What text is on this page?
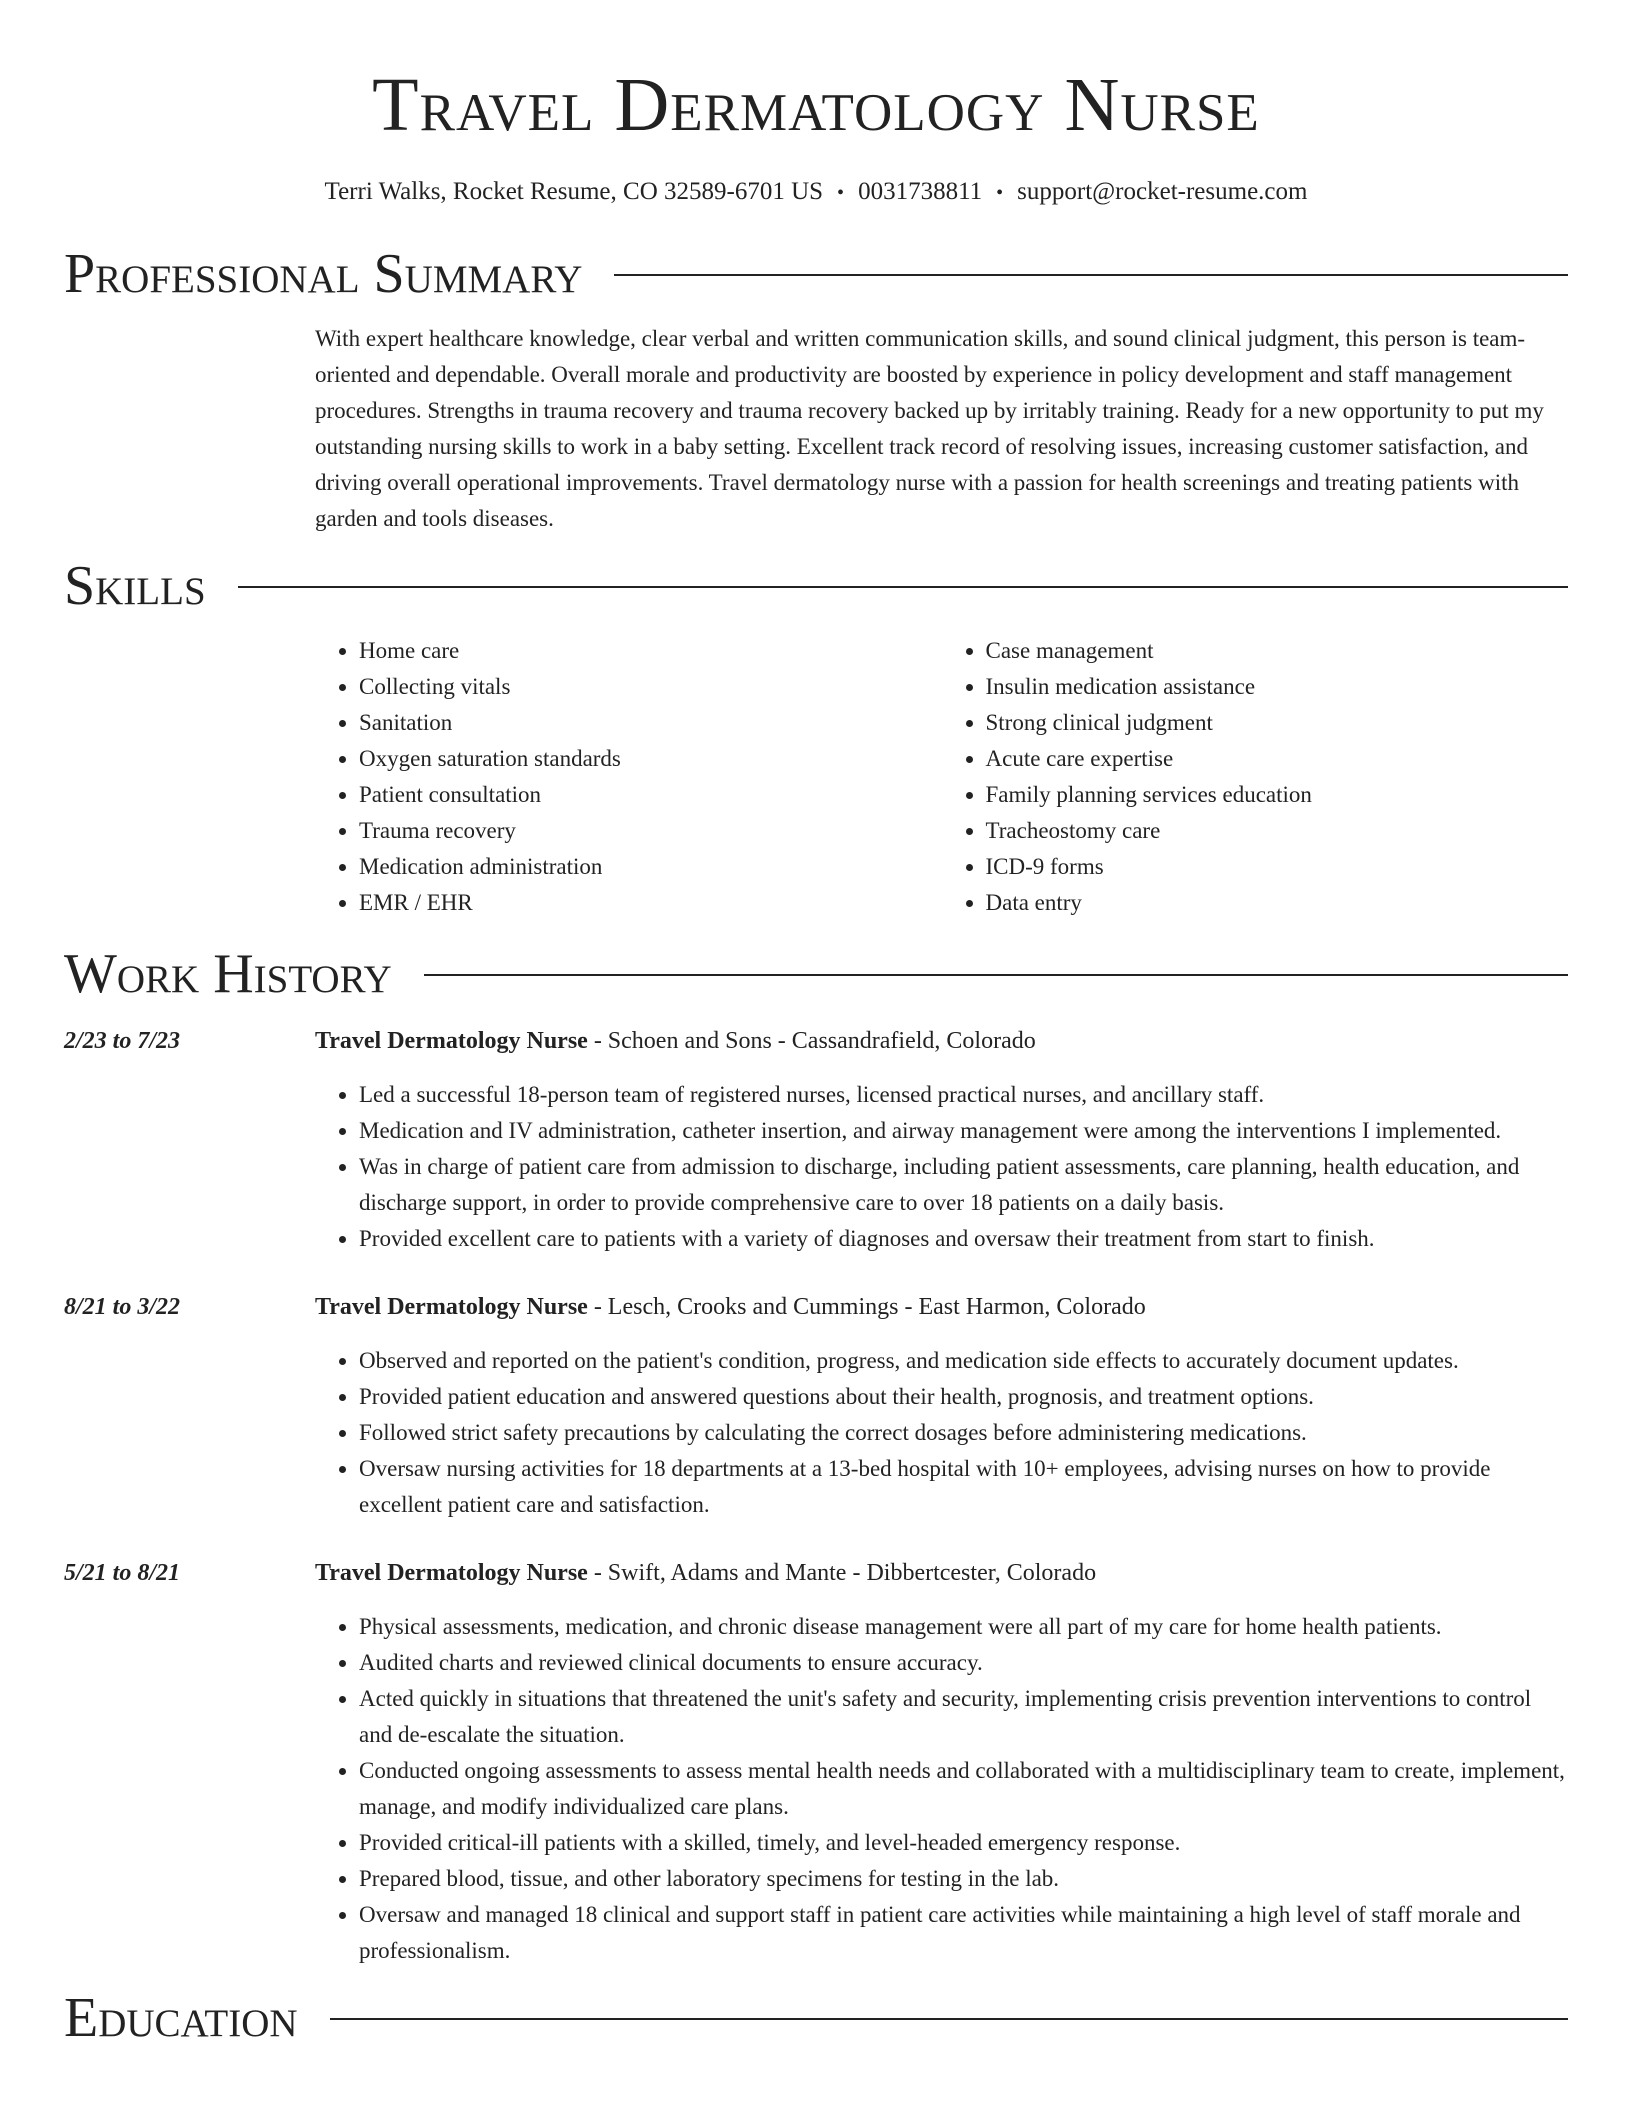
Travel Dermatology Nurse
Terri Walks, Rocket Resume, CO 32589-6701 US • 0031738811 • support@rocket-resume.com
Professional Summary

With expert healthcare knowledge, clear verbal and written communication skills, and sound clinical judgment, this person is team-oriented and dependable. Overall morale and productivity are boosted by experience in policy development and staff management procedures. Strengths in trauma recovery and trauma recovery backed up by irritably training. Ready for a new opportunity to put my outstanding nursing skills to work in a baby setting. Excellent track record of resolving issues, increasing customer satisfaction, and driving overall operational improvements. Travel dermatology nurse with a passion for health screenings and treating patients with garden and tools diseases.

Skills
• Home care
• Collecting vitals
• Sanitation
• Oxygen saturation standards
• Patient consultation
• Trauma recovery
• Medication administration
• EMR / EHR
• Case management
• Insulin medication assistance
• Strong clinical judgment
• Acute care expertise
• Family planning services education
• Tracheostomy care
• ICD-9 forms
• Data entry
Work History
2/23 to 7/23	Travel Dermatology Nurse - Schoen and Sons - Cassandrafield, Colorado
• Led a successful 18-person team of registered nurses, licensed practical nurses, and ancillary staff.
• Medication and IV administration, catheter insertion, and airway management were among the interventions I implemented.
• Was in charge of patient care from admission to discharge, including patient assessments, care planning, health education, and discharge support, in order to provide comprehensive care to over 18 patients on a daily basis.
• Provided excellent care to patients with a variety of diagnoses and oversaw their treatment from start to finish.
8/21 to 3/22	Travel Dermatology Nurse - Lesch, Crooks and Cummings - East Harmon, Colorado
• Observed and reported on the patient's condition, progress, and medication side effects to accurately document updates.
• Provided patient education and answered questions about their health, prognosis, and treatment options.
• Followed strict safety precautions by calculating the correct dosages before administering medications.
• Oversaw nursing activities for 18 departments at a 13-bed hospital with 10+ employees, advising nurses on how to provide excellent patient care and satisfaction.
5/21 to 8/21	Travel Dermatology Nurse - Swift, Adams and Mante - Dibbertcester, Colorado
• Physical assessments, medication, and chronic disease management were all part of my care for home health patients.
• Audited charts and reviewed clinical documents to ensure accuracy.
• Acted quickly in situations that threatened the unit's safety and security, implementing crisis prevention interventions to control and de-escalate the situation.
• Conducted ongoing assessments to assess mental health needs and collaborated with a multidisciplinary team to create, implement, manage, and modify individualized care plans.
• Provided critical-ill patients with a skilled, timely, and level-headed emergency response.
• Prepared blood, tissue, and other laboratory specimens for testing in the lab.
• Oversaw and managed 18 clinical and support staff in patient care activities while maintaining a high level of staff morale and professionalism.
Education
